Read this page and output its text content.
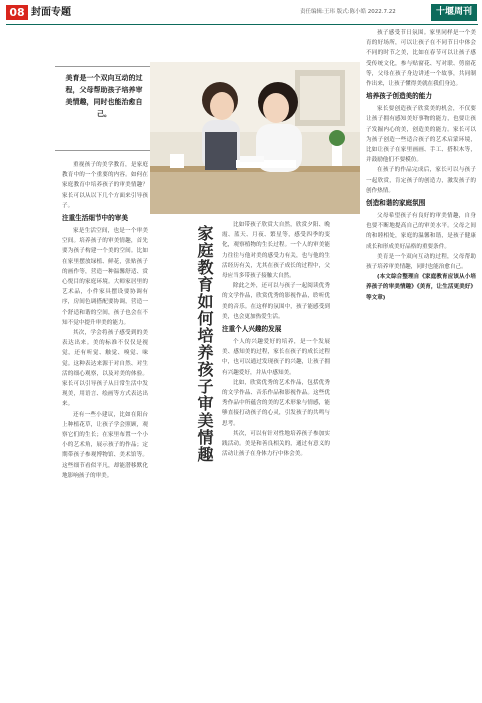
08 封面专题	责任编辑:王玮 版式:陈小皓 2022.7.22	十堰周刊
美育是一个双向互动的过程，父母帮助孩子培养审美情趣，同时也能治愈自己。
家庭教育如何培养孩子审美情趣

重视孩子的美学教育，是家庭教育中的一个重要的内容。如何在家庭教育中培养孩子的审美情趣？家长可以从以下几个方面来引导孩子。

注重生活细节中的审美

家是生活空间，也是一个审美空间。培养孩子的审美情趣，首先要为孩子构建一个美的空间。比如在家里摆放绿植、鲜花，张贴孩子的画作等，营造一种温馨舒适、赏心悦目的家庭环境。大师家居里的艺术品，小件家具摆设要协调有序，房间色调搭配要协调，营造一个舒适和谐的空间，孩子也会在不知不觉中提升审美的能力。

其次，学会将孩子感受到的美表达出来。美的标准不仅仅是视觉，还有听觉、触觉、嗅觉、味觉。这种表达来源于对自然、对生活的细心观察，以及对美的体验。家长可以引导孩子从日常生活中发现美，用语言、绘画等方式表达出来。

还有一些小建议，比如在阳台上种植花草，让孩子学会照顾，观察它们的生长；在家里布置一个小小的艺术角，展示孩子的作品；定期带孩子参观博物馆、美术馆等。这些细节看似平凡，却能潜移默化地影响孩子的审美。

比如带孩子欣赏大自然，欣赏夕阳、晚霞、蓝天、月夜、繁星等，感受四季的变化，观察植物的生长过程。一个人的审美能力往往与他对美的感受力有关，也与他的生活经历有关，尤其在孩子成长的过程中，父母应当多带孩子接触大自然。

除此之外，还可以与孩子一起阅读优秀的文学作品，欣赏优秀的影视作品，聆听优美的音乐。在这样的氛围中，孩子能感受到美，也会更加热爱生活。

注重个人兴趣的发展

个人的兴趣爱好的培养，是一个发展美、感知美的过程，家长在孩子的成长过程中，也可以通过发现孩子的兴趣，让孩子拥有兴趣爱好，并从中感知美。

比如，欣赏优秀的艺术作品，包括优秀的文学作品、音乐作品和影视作品。这些优秀作品中所蕴含的美的艺术形象与情感，能够直接打动孩子的心灵，引发孩子的共鸣与思考。

其次，可以有针对性地培养孩子参加实践活动。美是和善良相关的，通过有意义的活动让孩子在身体力行中体会美。

孩子感受节日氛围。家里同样是一个美育的好场所，可以让孩子在不同节日中体会不同的时节之美，比如在春节可以让孩子感受传统文化，参与贴窗花、写对联、剪窗花等，父母在孩子身边讲述一个故事，共同制作出来，让孩子懂得美就在我们身边。

培养孩子创造美的能力

家长要创造孩子欣赏美的机会，不仅要让孩子拥有感知美好事物的能力，也要让孩子发掘内心的美，创造美的能力。家长可以为孩子创造一些适合孩子的艺术启蒙环境，比如让孩子在家里画画、手工、搭积木等，并鼓励他们不要模仿。

在孩子的作品完成后，家长可以与孩子一起欣赏，肯定孩子的创造力，激发孩子的创作热情。

创造和谐的家庭氛围

父母希望孩子有良好的审美情趣，自身也要不断地提高自己的审美水平。父母之间的和睦相处，家庭的温馨和谐，是孩子健康成长和形成美好品格的重要条件。

美育是一个双向互动的过程，父母帮助孩子培养审美情趣，同时也能治愈自己。

(本文综合整理自《家庭教育应该从小培养孩子的审美情趣》《美育，让生活更美好》等文章)
